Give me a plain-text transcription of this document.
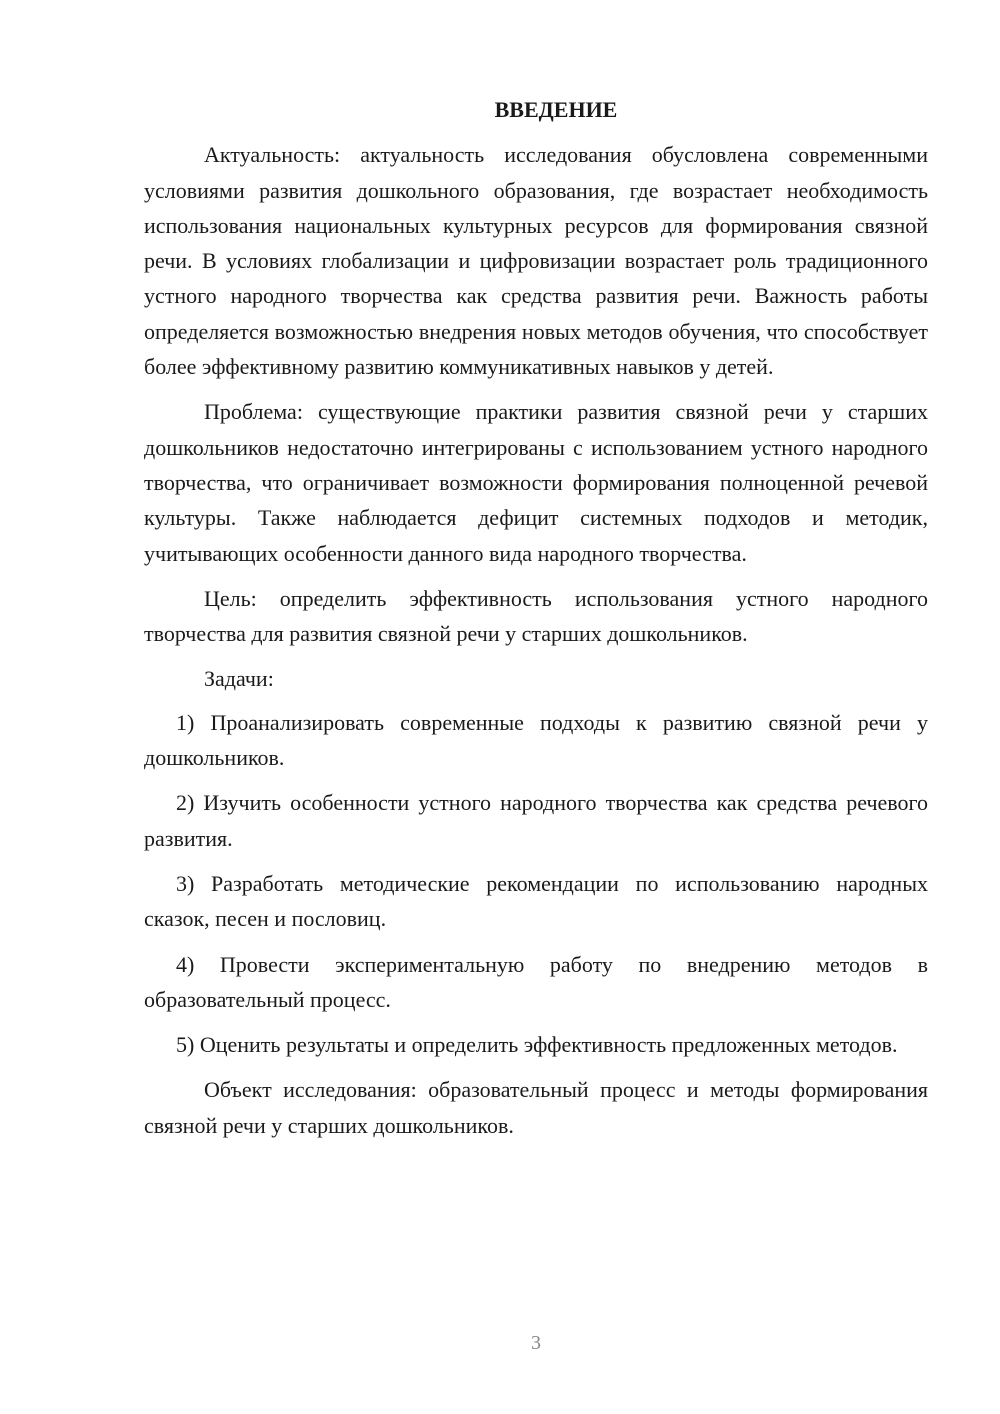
ВВЕДЕНИЕ

Актуальность: актуальность исследования обусловлена современными условиями развития дошкольного образования, где возрастает необходимость использования национальных культурных ресурсов для формирования связной речи. В условиях глобализации и цифровизации возрастает роль традиционного устного народного творчества как средства развития речи. Важность работы определяется возможностью внедрения новых методов обучения, что способствует более эффективному развитию коммуникативных навыков у детей.

Проблема: существующие практики развития связной речи у старших дошкольников недостаточно интегрированы с использованием устного народного творчества, что ограничивает возможности формирования полноценной речевой культуры. Также наблюдается дефицит системных подходов и методик, учитывающих особенности данного вида народного творчества.

Цель: определить эффективность использования устного народного творчества для развития связной речи у старших дошкольников.

Задачи:

1) Проанализировать современные подходы к развитию связной речи у дошкольников.

2) Изучить особенности устного народного творчества как средства речевого развития.

3) Разработать методические рекомендации по использованию народных сказок, песен и пословиц.

4) Провести экспериментальную работу по внедрению методов в образовательный процесс.

5) Оценить результаты и определить эффективность предложенных методов.

Объект исследования: образовательный процесс и методы формирования связной речи у старших дошкольников.

3
